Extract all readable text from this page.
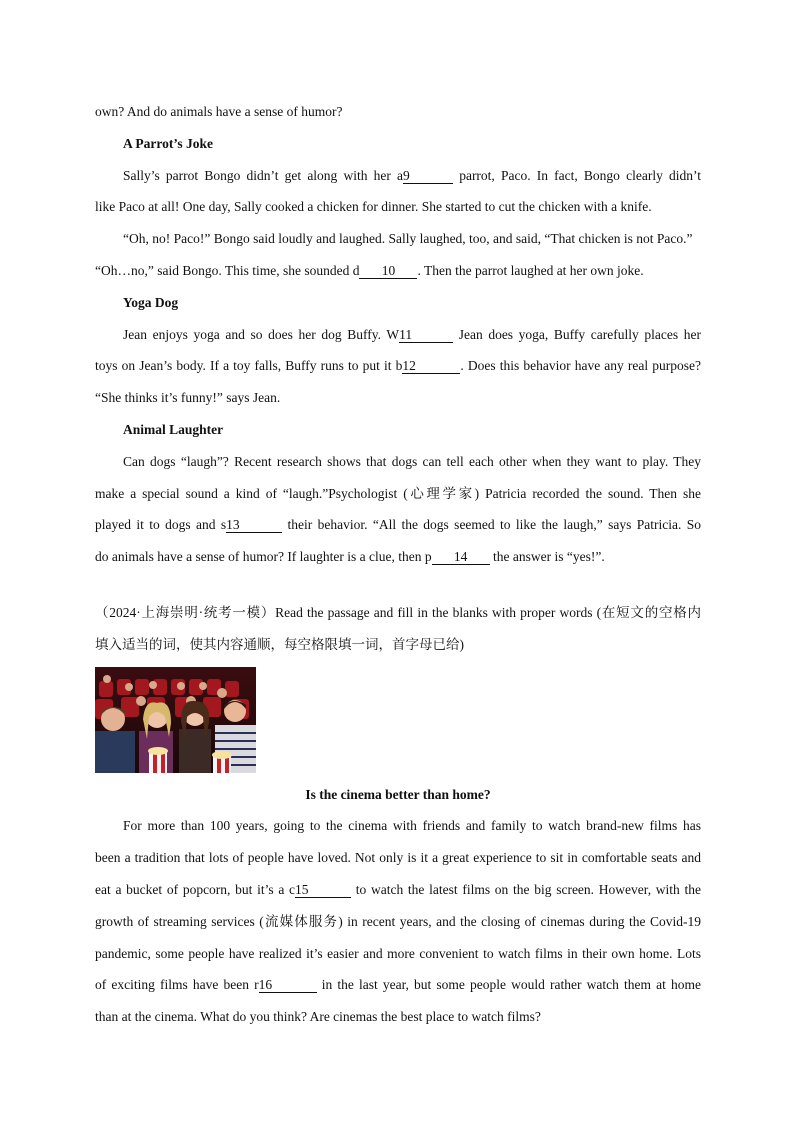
own? And do animals have a sense of humor?
A Parrot’s Joke
Sally’s parrot Bongo didn’t get along with her a9	parrot, Paco. In fact, Bongo clearly didn’t
like Paco at all! One day, Sally cooked a chicken for dinner. She started to cut the chicken with a knife.
“Oh, no! Paco!” Bongo said loudly and laughed. Sally laughed, too, and said, “That chicken is not Paco.”
“Oh…no,” said Bongo. This time, she sounded d 10 . Then the parrot laughed at her own joke.
Yoga Dog
Jean enjoys yoga and so does her dog Buffy. W11	Jean does yoga, Buffy carefully places her
toys on Jean’s body. If a toy falls, Buffy runs to put it b12	. Does this behavior have any real purpose?
“She thinks it’s funny!” says Jean.
Animal Laughter
Can dogs “laugh”? Recent research shows that dogs can tell each other when they want to play. They
make a special sound a kind of “laugh.”Psychologist (心理学家) Patricia recorded the sound. Then she
played it to dogs and s13	their behavior. “All the dogs seemed to like the laugh,” says Patricia. So
do animals have a sense of humor? If laughter is a clue, then p 14 the answer is “yes!”.
（2024·上海崇明·统考一模）Read the passage and fill in the blanks with proper words (在短文的空格内
填入适当的词，使其内容通顺，每空格限填一词，首字母已给)
Is the cinema better than home?
For more than 100 years, going to the cinema with friends and family to watch brand-new films has
been a tradition that lots of people have loved. Not only is it a great experience to sit in comfortable seats and
eat a bucket of popcorn, but it’s a c15	to watch the latest films on the big screen. However, with the
growth of streaming services (流媒体服务) in recent years, and the closing of cinemas during the Covid-19
pandemic, some people have realized it’s easier and more convenient to watch films in their own home. Lots
of exciting films have been r16	in the last year, but some people would rather watch them at home
than at the cinema. What do you think? Are cinemas the best place to watch films?
